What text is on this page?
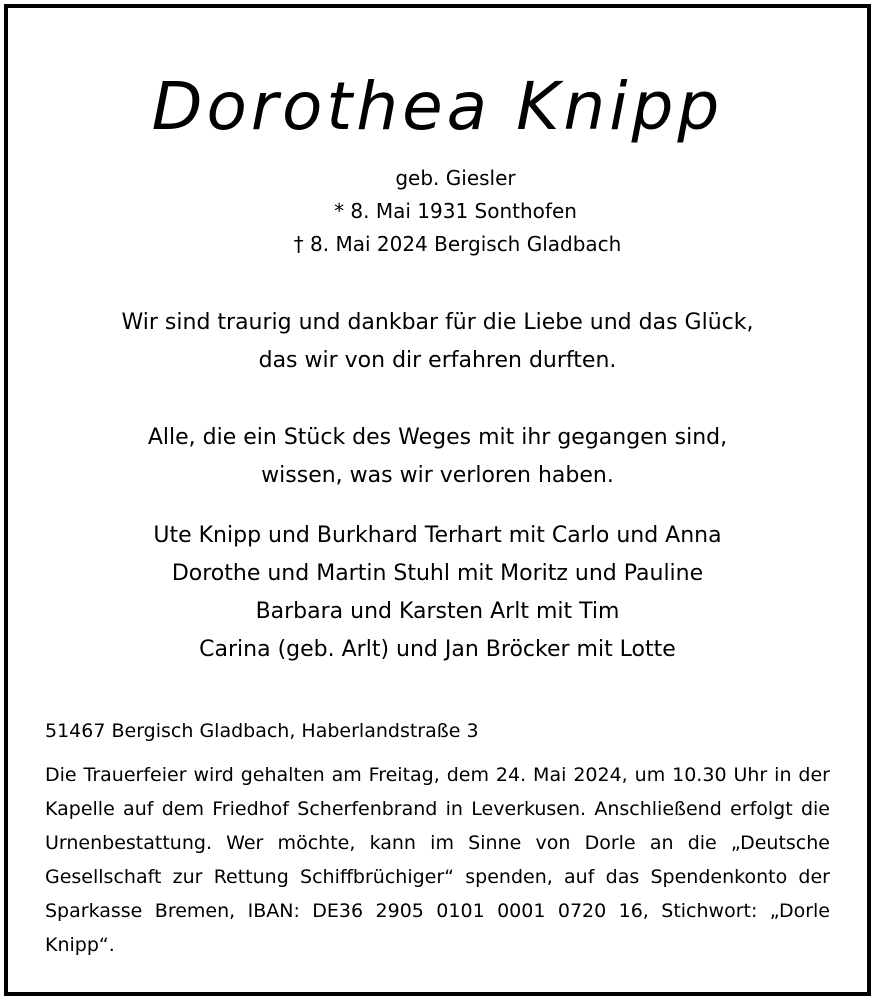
Dorothea Knipp
geb. Giesler
* 8. Mai 1931 Sonthofen
† 8. Mai 2024 Bergisch Gladbach
Wir sind traurig und dankbar für die Liebe und das Glück,
das wir von dir erfahren durften.
Alle, die ein Stück des Weges mit ihr gegangen sind,
wissen, was wir verloren haben.
Ute Knipp und Burkhard Terhart mit Carlo und Anna
Dorothe und Martin Stuhl mit Moritz und Pauline
Barbara und Karsten Arlt mit Tim
Carina (geb. Arlt) und Jan Bröcker mit Lotte
51467 Bergisch Gladbach, Haberlandstraße 3
Die Trauerfeier wird gehalten am Freitag, dem 24. Mai 2024, um 10.30 Uhr in der Kapelle auf dem Friedhof Scherfenbrand in Leverkusen. Anschließend erfolgt die Urnenbestattung. Wer möchte, kann im Sinne von Dorle an die „Deutsche Gesellschaft zur Rettung Schiffbrüchiger“ spenden, auf das Spendenkonto der Sparkasse Bremen, IBAN: DE36 2905 0101 0001 0720 16, Stichwort: „Dorle Knipp“.
